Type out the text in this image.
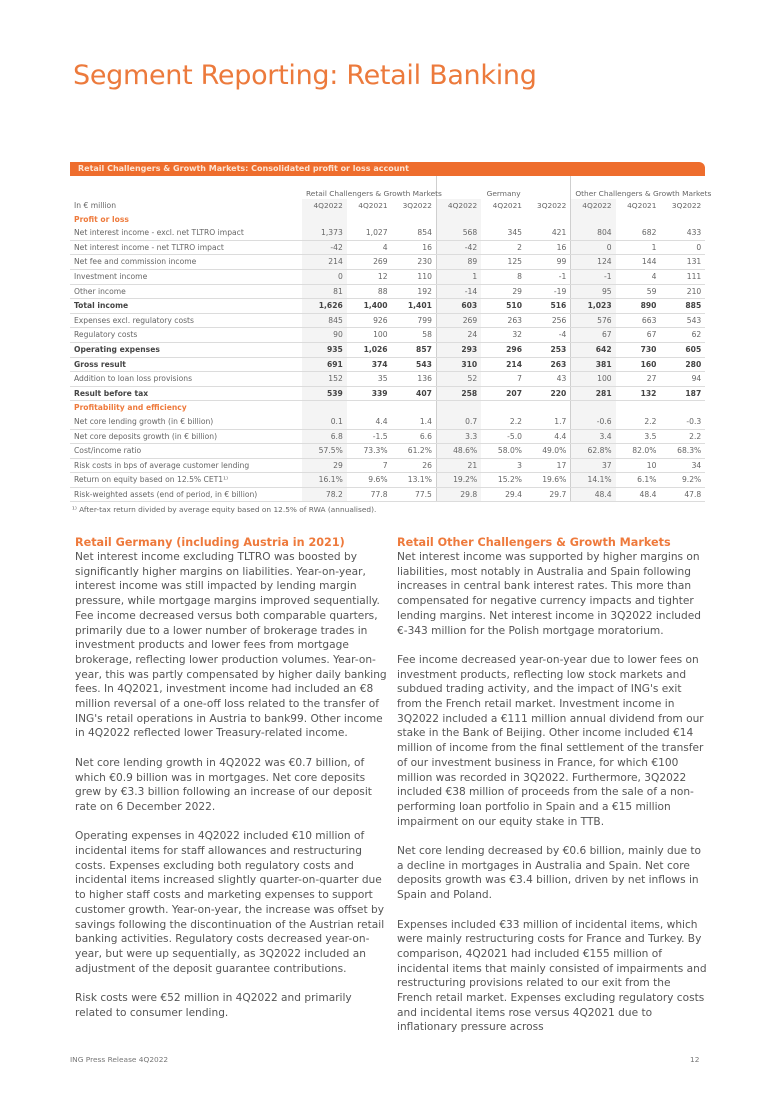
Segment Reporting: Retail Banking
Retail Challengers & Growth Markets: Consolidated profit or loss account
	Retail Challengers & Growth Markets			Germany			Other Challengers & Growth Markets		
In € million	4Q2022	4Q2021	3Q2022	4Q2022	4Q2021	3Q2022	4Q2022	4Q2021	3Q2022
Profit or loss									
Net interest income - excl. net TLTRO impact	1,373	1,027	854	568	345	421	804	682	433
Net interest income - net TLTRO impact	-42	4	16	-42	2	16	0	1	0
Net fee and commission income	214	269	230	89	125	99	124	144	131
Investment income	0	12	110	1	8	-1	-1	4	111
Other income	81	88	192	-14	29	-19	95	59	210
Total income	1,626	1,400	1,401	603	510	516	1,023	890	885
Expenses excl. regulatory costs	845	926	799	269	263	256	576	663	543
Regulatory costs	90	100	58	24	32	-4	67	67	62
Operating expenses	935	1,026	857	293	296	253	642	730	605
Gross result	691	374	543	310	214	263	381	160	280
Addition to loan loss provisions	152	35	136	52	7	43	100	27	94
Result before tax	539	339	407	258	207	220	281	132	187
Profitability and efficiency									
Net core lending growth (in € billion)	0.1	4.4	1.4	0.7	2.2	1.7	-0.6	2.2	-0.3
Net core deposits growth (in € billion)	6.8	-1.5	6.6	3.3	-5.0	4.4	3.4	3.5	2.2
Cost/income ratio	57.5%	73.3%	61.2%	48.6%	58.0%	49.0%	62.8%	82.0%	68.3%
Risk costs in bps of average customer lending	29	7	26	21	3	17	37	10	34
Return on equity based on 12.5% CET1¹⁾	16.1%	9.6%	13.1%	19.2%	15.2%	19.6%	14.1%	6.1%	9.2%
Risk-weighted assets (end of period, in € billion)	78.2	77.8	77.5	29.8	29.4	29.7	48.4	48.4	47.8
¹⁾ After-tax return divided by average equity based on 12.5% of RWA (annualised).
Retail Germany (including Austria in 2021)

Net interest income excluding TLTRO was boosted by significantly higher margins on liabilities. Year-on-year, interest income was still impacted by lending margin pressure, while mortgage margins improved sequentially. Fee income decreased versus both comparable quarters, primarily due to a lower number of brokerage trades in investment products and lower fees from mortgage brokerage, reflecting lower production volumes. Year-on-year, this was partly compensated by higher daily banking fees. In 4Q2021, investment income had included an €8 million reversal of a one-off loss related to the transfer of ING's retail operations in Austria to bank99. Other income in 4Q2022 reflected lower Treasury-related income.

Net core lending growth in 4Q2022 was €0.7 billion, of which €0.9 billion was in mortgages. Net core deposits grew by €3.3 billion following an increase of our deposit rate on 6 December 2022.

Operating expenses in 4Q2022 included €10 million of incidental items for staff allowances and restructuring costs. Expenses excluding both regulatory costs and incidental items increased slightly quarter-on-quarter due to higher staff costs and marketing expenses to support customer growth. Year-on-year, the increase was offset by savings following the discontinuation of the Austrian retail banking activities. Regulatory costs decreased year-on-year, but were up sequentially, as 3Q2022 included an adjustment of the deposit guarantee contributions.

Risk costs were €52 million in 4Q2022 and primarily related to consumer lending.

Retail Other Challengers & Growth Markets

Net interest income was supported by higher margins on liabilities, most notably in Australia and Spain following increases in central bank interest rates. This more than compensated for negative currency impacts and tighter lending margins. Net interest income in 3Q2022 included €-343 million for the Polish mortgage moratorium.

Fee income decreased year-on-year due to lower fees on investment products, reflecting low stock markets and subdued trading activity, and the impact of ING's exit from the French retail market. Investment income in 3Q2022 included a €111 million annual dividend from our stake in the Bank of Beijing. Other income included €14 million of income from the final settlement of the transfer of our investment business in France, for which €100 million was recorded in 3Q2022. Furthermore, 3Q2022 included €38 million of proceeds from the sale of a non-performing loan portfolio in Spain and a €15 million impairment on our equity stake in TTB.

Net core lending decreased by €0.6 billion, mainly due to a decline in mortgages in Australia and Spain. Net core deposits growth was €3.4 billion, driven by net inflows in Spain and Poland.

Expenses included €33 million of incidental items, which were mainly restructuring costs for France and Turkey. By comparison, 4Q2021 had included €155 million of incidental items that mainly consisted of impairments and restructuring provisions related to our exit from the French retail market. Expenses excluding regulatory costs and incidental items rose versus 4Q2021 due to inflationary pressure across

ING Press Release 4Q2022	12
